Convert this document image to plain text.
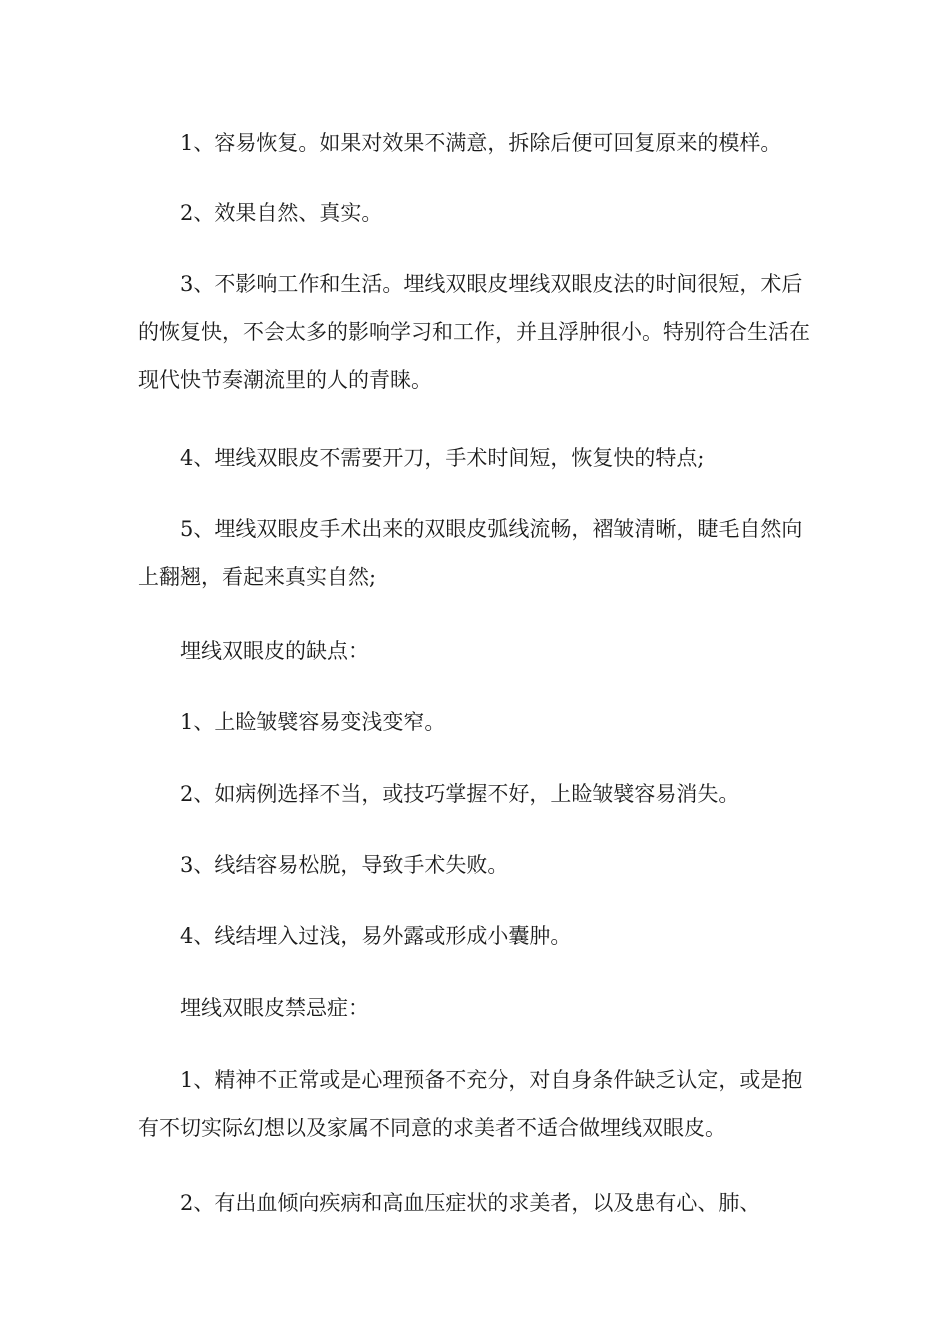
1、容易恢复。如果对效果不满意，拆除后便可回复原来的模样。

2、效果自然、真实。

3、不影响工作和生活。埋线双眼皮埋线双眼皮法的时间很短，术后的恢复快，不会太多的影响学习和工作，并且浮肿很小。特别符合生活在现代快节奏潮流里的人的青睐。

4、埋线双眼皮不需要开刀，手术时间短，恢复快的特点;

5、埋线双眼皮手术出来的双眼皮弧线流畅，褶皱清晰，睫毛自然向上翻翘，看起来真实自然;

埋线双眼皮的缺点：

1、上睑皱襞容易变浅变窄。

2、如病例选择不当，或技巧掌握不好，上睑皱襞容易消失。

3、线结容易松脱，导致手术失败。

4、线结埋入过浅，易外露或形成小囊肿。

埋线双眼皮禁忌症：

1、精神不正常或是心理预备不充分，对自身条件缺乏认定，或是抱有不切实际幻想以及家属不同意的求美者不适合做埋线双眼皮。

2、有出血倾向疾病和高血压症状的求美者，以及患有心、肺、
